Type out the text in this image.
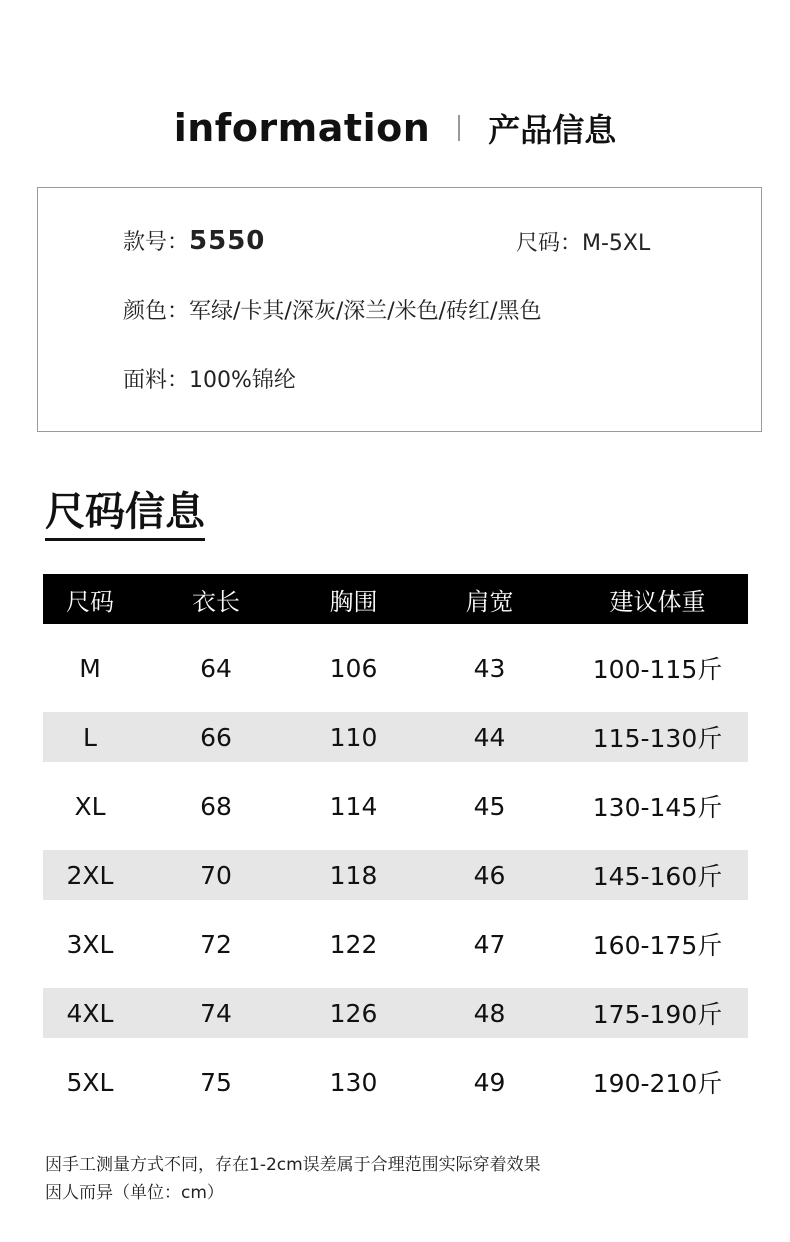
information 产品信息
款号：5550	尺码：M-5XL
颜色：军绿/卡其/深灰/深兰/米色/砖红/黑色
面料：100%锦纶
尺码信息
尺码	衣长	胸围	肩宽	建议体重
M	64	106	43	100-115斤
L	66	110	44	115-130斤
XL	68	114	45	130-145斤
2XL	70	118	46	145-160斤
3XL	72	122	47	160-175斤
4XL	74	126	48	175-190斤
5XL	75	130	49	190-210斤
因手工测量方式不同，存在1-2cm误差属于合理范围实际穿着效果
因人而异（单位：cm）
